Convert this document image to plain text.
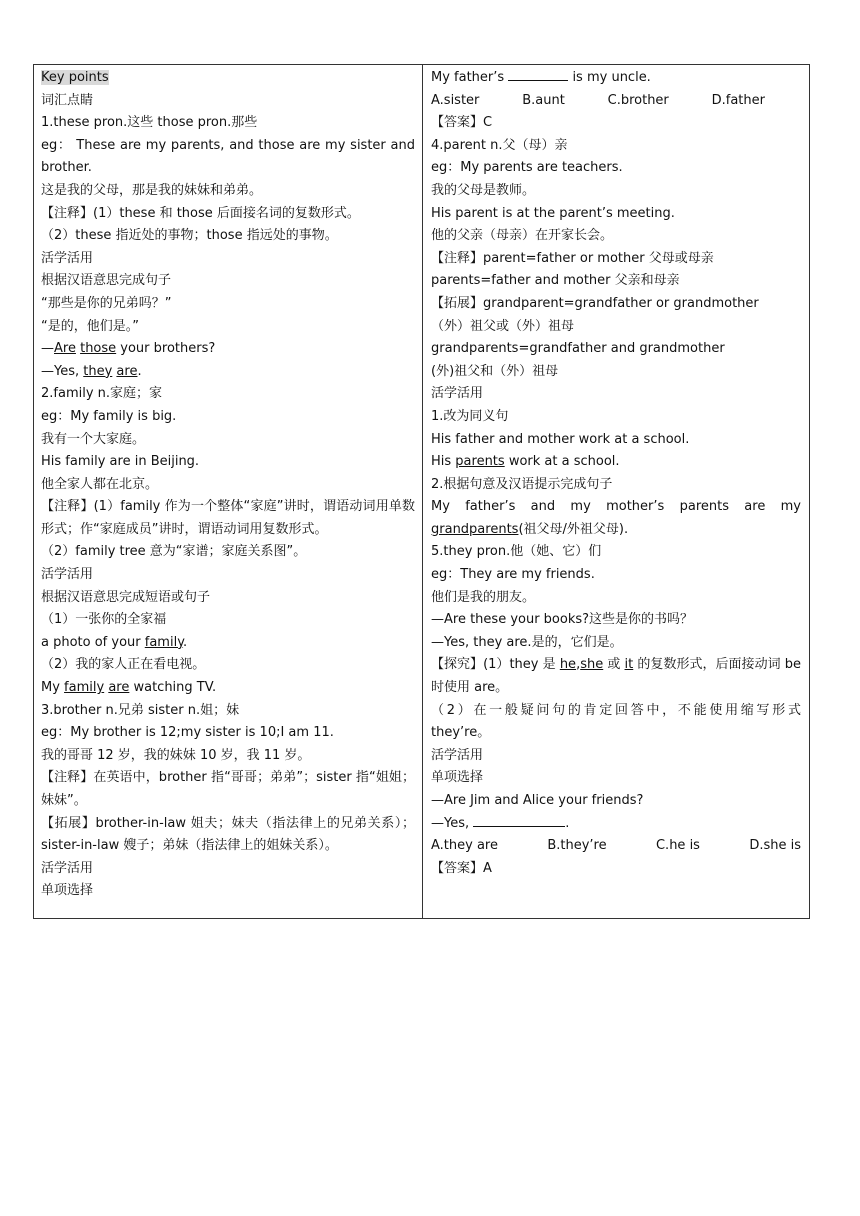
Key points
词汇点睛
1.these pron.这些 those pron.那些
eg： These are my parents, and those are my sister and brother.
这是我的父母，那是我的妹妹和弟弟。
【注释】(1）these 和 those 后面接名词的复数形式。
（2）these 指近处的事物；those 指远处的事物。
活学活用
根据汉语意思完成句子
“那些是你的兄弟吗？”
“是的，他们是。”
—Are those your brothers?
—Yes, they are.
2.family n.家庭；家
eg：My family is big.
我有一个大家庭。
His family are in Beijing.
他全家人都在北京。
【注释】(1）family 作为一个整体“家庭”讲时，谓语动词用单数形式；作“家庭成员”讲时，谓语动词用复数形式。
（2）family tree 意为“家谱；家庭关系图”。
活学活用
根据汉语意思完成短语或句子
（1）一张你的全家福
a photo of your family.
（2）我的家人正在看电视。
My family are watching TV.
3.brother n.兄弟 sister n.姐；妹
eg：My brother is 12;my sister is 10;I am 11.
我的哥哥 12 岁，我的妹妹 10 岁，我 11 岁。
【注释】在英语中，brother 指“哥哥；弟弟”；sister 指“姐姐；妹妹”。
【拓展】brother-in-law 姐夫；妹夫（指法律上的兄弟关系）；sister-in-law 嫂子；弟妹（指法律上的姐妹关系）。
活学活用
单项选择
My father’s	is my uncle.
A.sister	B.aunt	C.brother	D.father
【答案】C
4.parent n.父（母）亲
eg：My parents are teachers.
我的父母是教师。
His parent is at the parent’s meeting.
他的父亲（母亲）在开家长会。
【注释】parent=father or mother 父母或母亲
parents=father and mother 父亲和母亲
【拓展】grandparent=grandfather or grandmother
（外）祖父或（外）祖母
grandparents=grandfather and grandmother
(外)祖父和（外）祖母
活学活用
1.改为同义句
His father and mother work at a school.
His parents work at a school.
2.根据句意及汉语提示完成句子
My father’s and my mother’s parents are my grandparents(祖父母/外祖父母).
5.they pron.他（她、它）们
eg：They are my friends.
他们是我的朋友。
—Are these your books?这些是你的书吗？
—Yes, they are.是的，它们是。
【探究】(1）they 是 he,she 或 it 的复数形式，后面接动词 be 时使用 are。
（2）在一般疑问句的肯定回答中，不能使用缩写形式 they’re。
活学活用
单项选择
—Are Jim and Alice your friends?
—Yes,	.
A.they are	B.they’re	C.he is	D.she is
【答案】A
